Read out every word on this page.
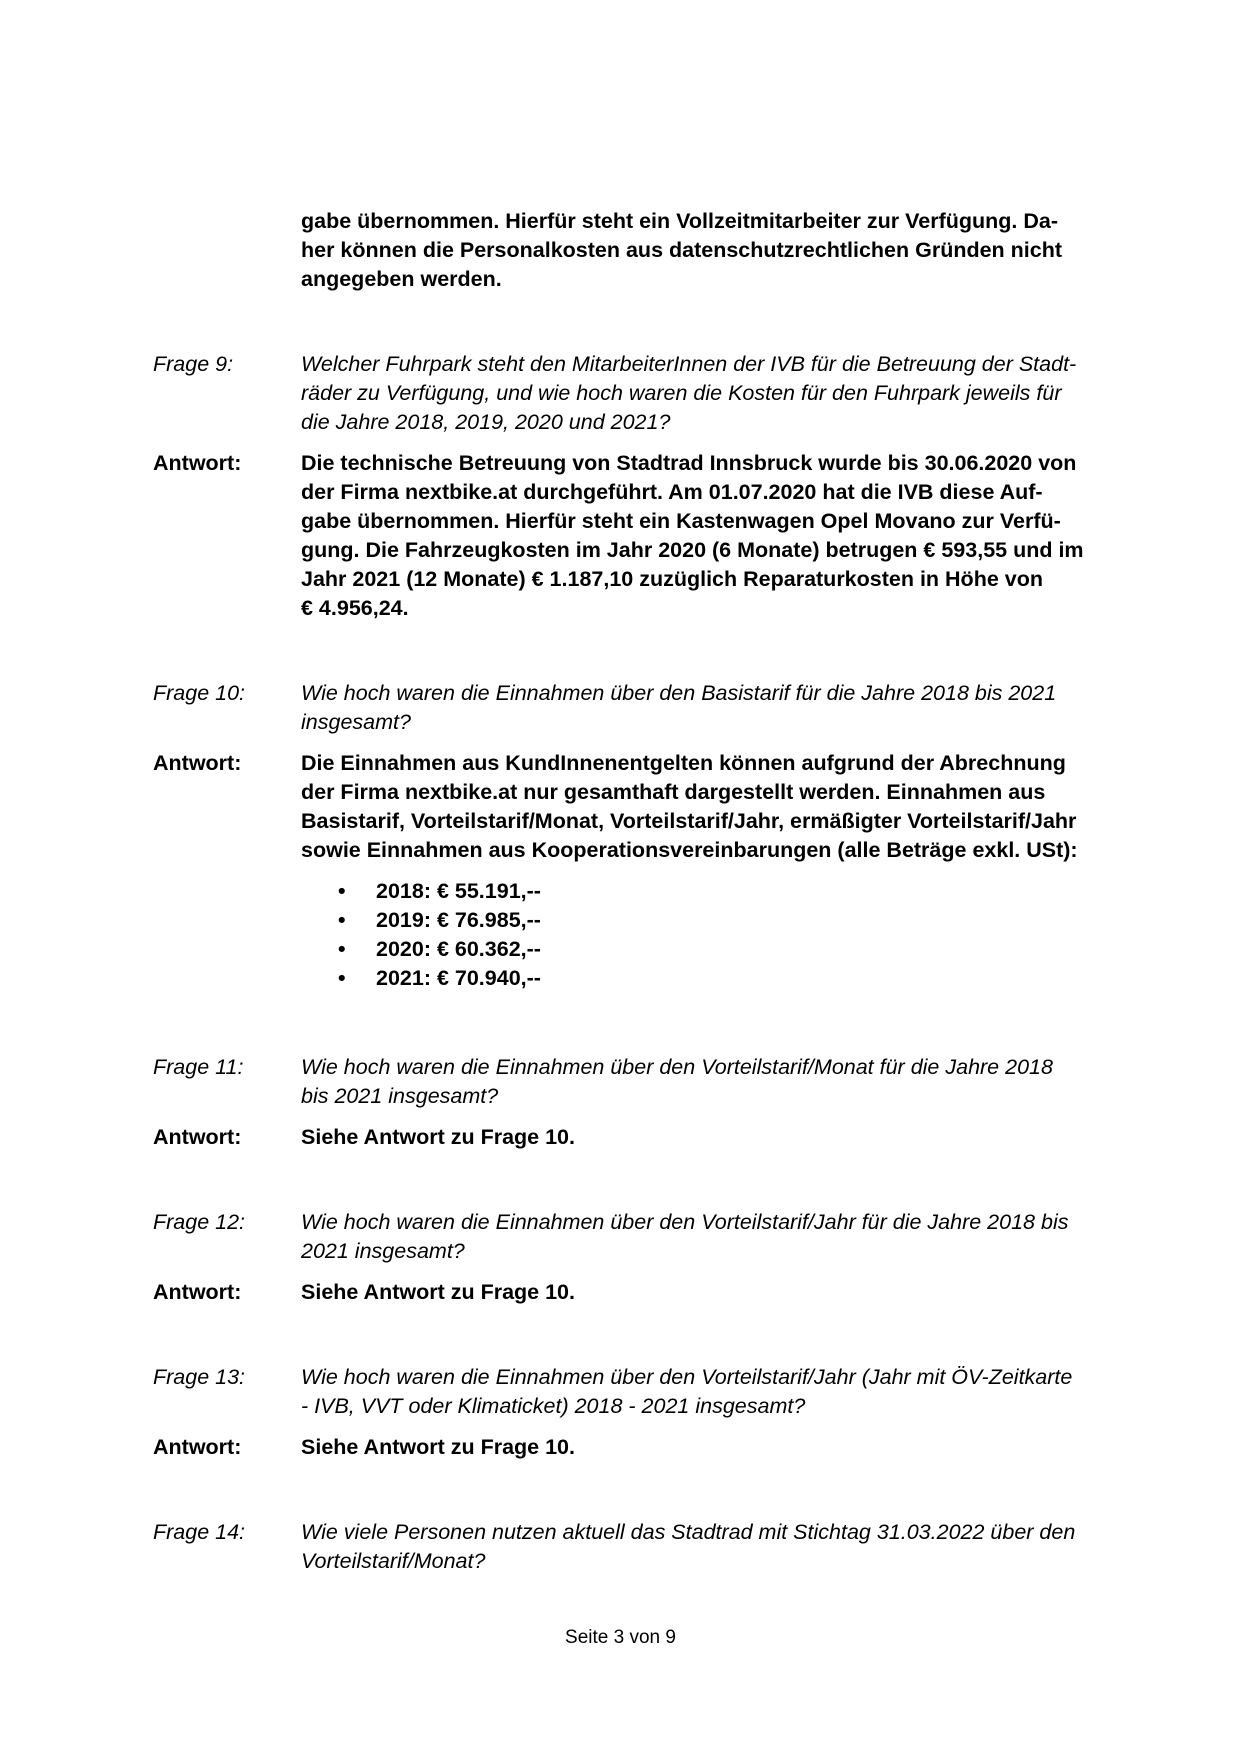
gabe übernommen. Hierfür steht ein Vollzeitmitarbeiter zur Verfügung. Da-
her können die Personalkosten aus datenschutzrechtlichen Gründen nicht
angegeben werden.
Frage 9:	Welcher Fuhrpark steht den MitarbeiterInnen der IVB für die Betreuung der Stadt-
räder zu Verfügung, und wie hoch waren die Kosten für den Fuhrpark jeweils für
die Jahre 2018, 2019, 2020 und 2021?
Antwort:	Die technische Betreuung von Stadtrad Innsbruck wurde bis 30.06.2020 von
der Firma nextbike.at durchgeführt. Am 01.07.2020 hat die IVB diese Auf-
gabe übernommen. Hierfür steht ein Kastenwagen Opel Movano zur Verfü-
gung. Die Fahrzeugkosten im Jahr 2020 (6 Monate) betrugen € 593,55 und im
Jahr 2021 (12 Monate) € 1.187,10 zuzüglich Reparaturkosten in Höhe von
€ 4.956,24.
Frage 10:	Wie hoch waren die Einnahmen über den Basistarif für die Jahre 2018 bis 2021
insgesamt?
Antwort:	Die Einnahmen aus KundInnenentgelten können aufgrund der Abrechnung
der Firma nextbike.at nur gesamthaft dargestellt werden. Einnahmen aus
Basistarif, Vorteilstarif/Monat, Vorteilstarif/Jahr, ermäßigter Vorteilstarif/Jahr
sowie Einnahmen aus Kooperationsvereinbarungen (alle Beträge exkl. USt):
• 2018: € 55.191,--
• 2019: € 76.985,--
• 2020: € 60.362,--
• 2021: € 70.940,--
Frage 11:	Wie hoch waren die Einnahmen über den Vorteilstarif/Monat für die Jahre 2018
bis 2021 insgesamt?
Antwort:	Siehe Antwort zu Frage 10.
Frage 12:	Wie hoch waren die Einnahmen über den Vorteilstarif/Jahr für die Jahre 2018 bis
2021 insgesamt?
Antwort:	Siehe Antwort zu Frage 10.
Frage 13:	Wie hoch waren die Einnahmen über den Vorteilstarif/Jahr (Jahr mit ÖV-Zeitkarte
- IVB, VVT oder Klimaticket) 2018 - 2021 insgesamt?
Antwort:	Siehe Antwort zu Frage 10.
Frage 14:	Wie viele Personen nutzen aktuell das Stadtrad mit Stichtag 31.03.2022 über den
Vorteilstarif/Monat?
Seite 3 von 9
